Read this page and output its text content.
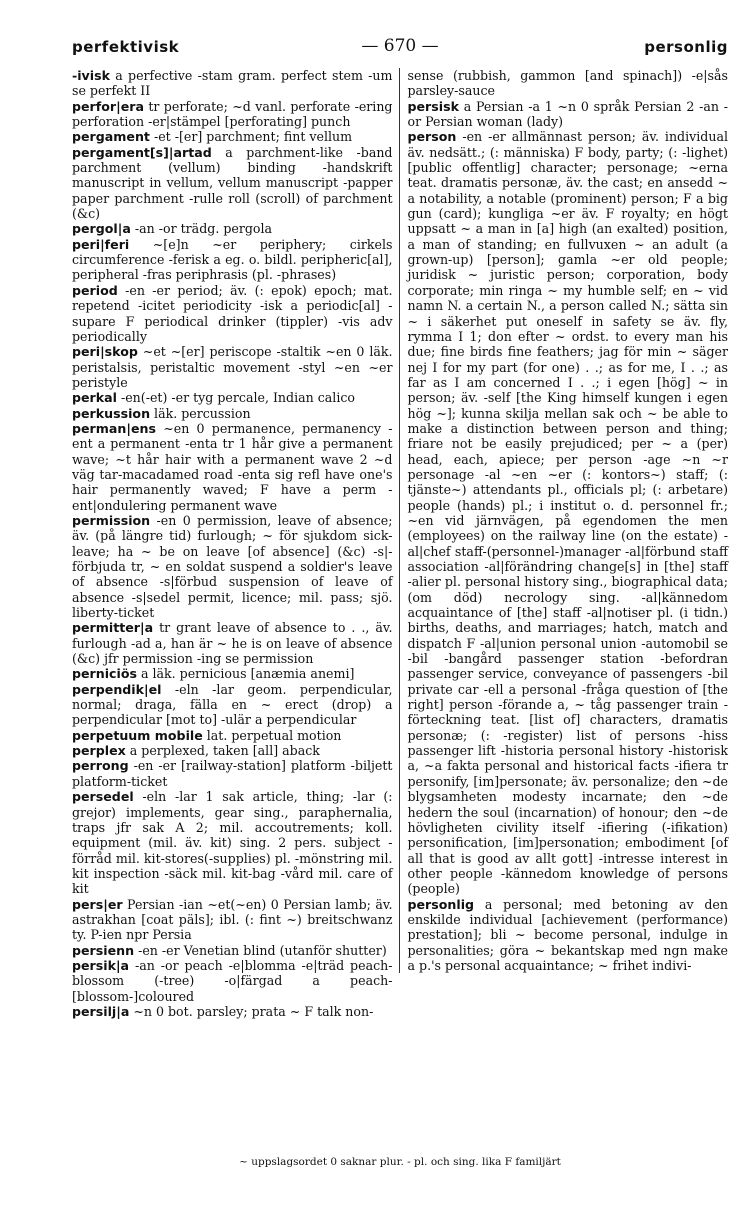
perfektivisk	— 670 —	personlig

-ivisk a perfective -stam gram. perfect stem -um se perfekt II

perfor|era tr perforate; ~d vanl. perforate -ering perforation -er|stämpel [perforating] punch

pergament -et -[er] parchment; fint vellum

pergament[s]|artad a parchment-like -band parchment (vellum) binding -handskrift manuscript in vellum, vellum manuscript -papper paper parchment -rulle roll (scroll) of parchment (&c)

pergol|a -an -or trädg. pergola

peri|feri ~[e]n ~er periphery; cirkels circumference -ferisk a eg. o. bildl. peripheric[al], peripheral -fras periphrasis (pl. -phrases)

period -en -er period; äv. (: epok) epoch; mat. repetend -icitet periodicity -isk a periodic[al] -supare F periodical drinker (tippler) -vis adv periodically

peri|skop ~et ~[er] periscope -staltik ~en 0 läk. peristalsis, peristaltic movement -styl ~en ~er peristyle

perkal -en(-et) -er tyg percale, Indian calico

perkussion läk. percussion

perman|ens ~en 0 permanence, permanency -ent a permanent -enta tr 1 hår give a permanent wave; ~t hår hair with a permanent wave 2 ~d väg tar-macadamed road -enta sig refl have one's hair permanently waved; F have a perm -ent|ondulering permanent wave

permission -en 0 permission, leave of absence; äv. (på längre tid) furlough; ~ för sjukdom sick-leave; ha ~ be on leave [of absence] (&c) -s|-förbjuda tr, ~ en soldat suspend a soldier's leave of absence -s|förbud suspension of leave of absence -s|sedel permit, licence; mil. pass; sjö. liberty-ticket

permitter|a tr grant leave of absence to . ., äv. furlough -ad a, han är ~ he is on leave of absence (&c) jfr permission -ing se permission

perniciös a läk. pernicious [anæmia anemi]

perpendik|el -eln -lar geom. perpendicular, normal; draga, fälla en ~ erect (drop) a perpendicular [mot to] -ulär a perpendicular

perpetuum mobile lat. perpetual motion

perplex a perplexed, taken [all] aback

perrong -en -er [railway-station] platform -biljett platform-ticket

persedel -eln -lar 1 sak article, thing; -lar (: grejor) implements, gear sing., paraphernalia, traps jfr sak A 2; mil. accoutrements; koll. equipment (mil. äv. kit) sing. 2 pers. subject -förråd mil. kit-stores(-supplies) pl. -mönstring mil. kit inspection -säck mil. kit-bag -vård mil. care of kit

pers|er Persian -ian ~et(~en) 0 Persian lamb; äv. astrakhan [coat päls]; ibl. (: fint ~) breitschwanz ty. P-ien npr Persia

persienn -en -er Venetian blind (utanför shutter)

persik|a -an -or peach -e|blomma -e|träd peach-blossom (-tree) -o|färgad a peach-[blossom-]coloured

persilj|a ~n 0 bot. parsley; prata ~ F talk non-

sense (rubbish, gammon [and spinach]) -e|sås parsley-sauce

persisk a Persian -a 1 ~n 0 språk Persian 2 -an -or Persian woman (lady)

person -en -er allmännast person; äv. individual äv. nedsätt.; (: människa) F body, party; (: -lighet) [public offentlig] character; personage; ~erna teat. dramatis personæ, äv. the cast; en ansedd ~ a notability, a notable (prominent) person; F a big gun (card); kungliga ~er äv. F royalty; en högt uppsatt ~ a man in [a] high (an exalted) position, a man of standing; en fullvuxen ~ an adult (a grown-up) [person]; gamla ~er old people; juridisk ~ juristic person; corporation, body corporate; min ringa ~ my humble self; en ~ vid namn N. a certain N., a person called N.; sätta sin ~ i säkerhet put oneself in safety se äv. fly, rymma I 1; don efter ~ ordst. to every man his due; fine birds fine feathers; jag för min ~ säger nej I for my part (for one) . .; as for me, I . .; as far as I am concerned I . .; i egen [hög] ~ in person; äv. -self [the King himself kungen i egen hög ~]; kunna skilja mellan sak och ~ be able to make a distinction between person and thing; friare not be easily prejudiced; per ~ a (per) head, each, apiece; per person -age ~n ~r personage -al ~en ~er (: kontors~) staff; (: tjänste~) attendants pl., officials pl; (: arbetare) people (hands) pl.; i institut o. d. personnel fr.; ~en vid järnvägen, på egendomen the men (employees) on the railway line (on the estate) -al|chef staff-(personnel-)manager -al|förbund staff association -al|förändring change[s] in [the] staff -alier pl. personal history sing., biographical data; (om död) necrology sing. -al|kännedom acquaintance of [the] staff -al|notiser pl. (i tidn.) births, deaths, and marriages; hatch, match and dispatch F -al|union personal union -automobil se -bil -bangård passenger station -befordran passenger service, conveyance of passengers -bil private car -ell a personal -fråga question of [the right] person -förande a, ~ tåg passenger train -förteckning teat. [list of] characters, dramatis personæ; (: -register) list of persons -hiss passenger lift -historia personal history -historisk a, ~a fakta personal and historical facts -ifiera tr personify, [im]personate; äv. personalize; den ~de blygsamheten modesty incarnate; den ~de hedern the soul (incarnation) of honour; den ~de hövligheten civility itself -ifiering (-ifikation) personification, [im]personation; embodiment [of all that is good av allt gott] -intresse interest in other people -kännedom knowledge of persons (people)

personlig a personal; med betoning av den enskilde individual [achievement (performance) prestation]; bli ~ become personal, indulge in personalities; göra ~ bekantskap med ngn make a p.'s personal acquaintance; ~ frihet indivi-

~ uppslagsordet 0 saknar plur. - pl. och sing. lika F familjärt
